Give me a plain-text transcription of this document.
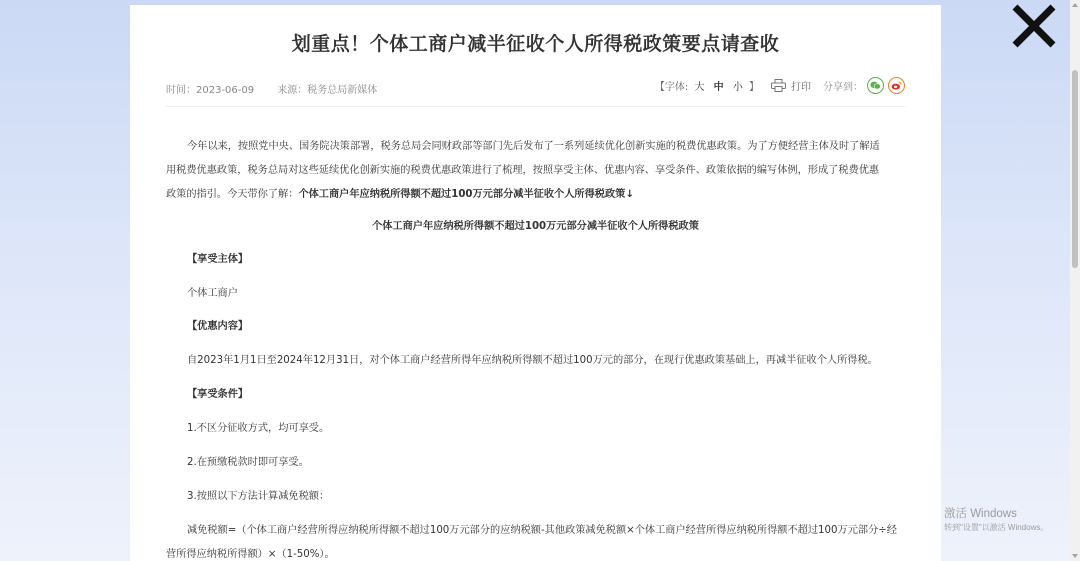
划重点！个体工商户减半征收个人所得税政策要点请查收
时间：2023-06-09 来源：税务总局新媒体	【字体: 大 中 小 】	打印 分享到：

今年以来，按照党中央、国务院决策部署，税务总局会同财政部等部门先后发布了一系列延续优化创新实施的税费优惠政策。为了方便经营主体及时了解适

用税费优惠政策，税务总局对这些延续优化创新实施的税费优惠政策进行了梳理，按照享受主体、优惠内容、享受条件、政策依据的编写体例，形成了税费优惠

政策的指引。今天带你了解：个体工商户年应纳税所得额不超过100万元部分减半征收个人所得税政策↓

个体工商户年应纳税所得额不超过100万元部分减半征收个人所得税政策

【享受主体】

个体工商户

【优惠内容】

自2023年1月1日至2024年12月31日，对个体工商户经营所得年应纳税所得额不超过100万元的部分，在现行优惠政策基础上，再减半征收个人所得税。

【享受条件】

1.不区分征收方式，均可享受。

2.在预缴税款时即可享受。

3.按照以下方法计算减免税额：

减免税额=（个体工商户经营所得应纳税所得额不超过100万元部分的应纳税额-其他政策减免税额×个体工商户经营所得应纳税所得额不超过100万元部分÷经

营所得应纳税所得额）×（1-50%）。

激活 Windows
转到"设置"以激活 Windows。
